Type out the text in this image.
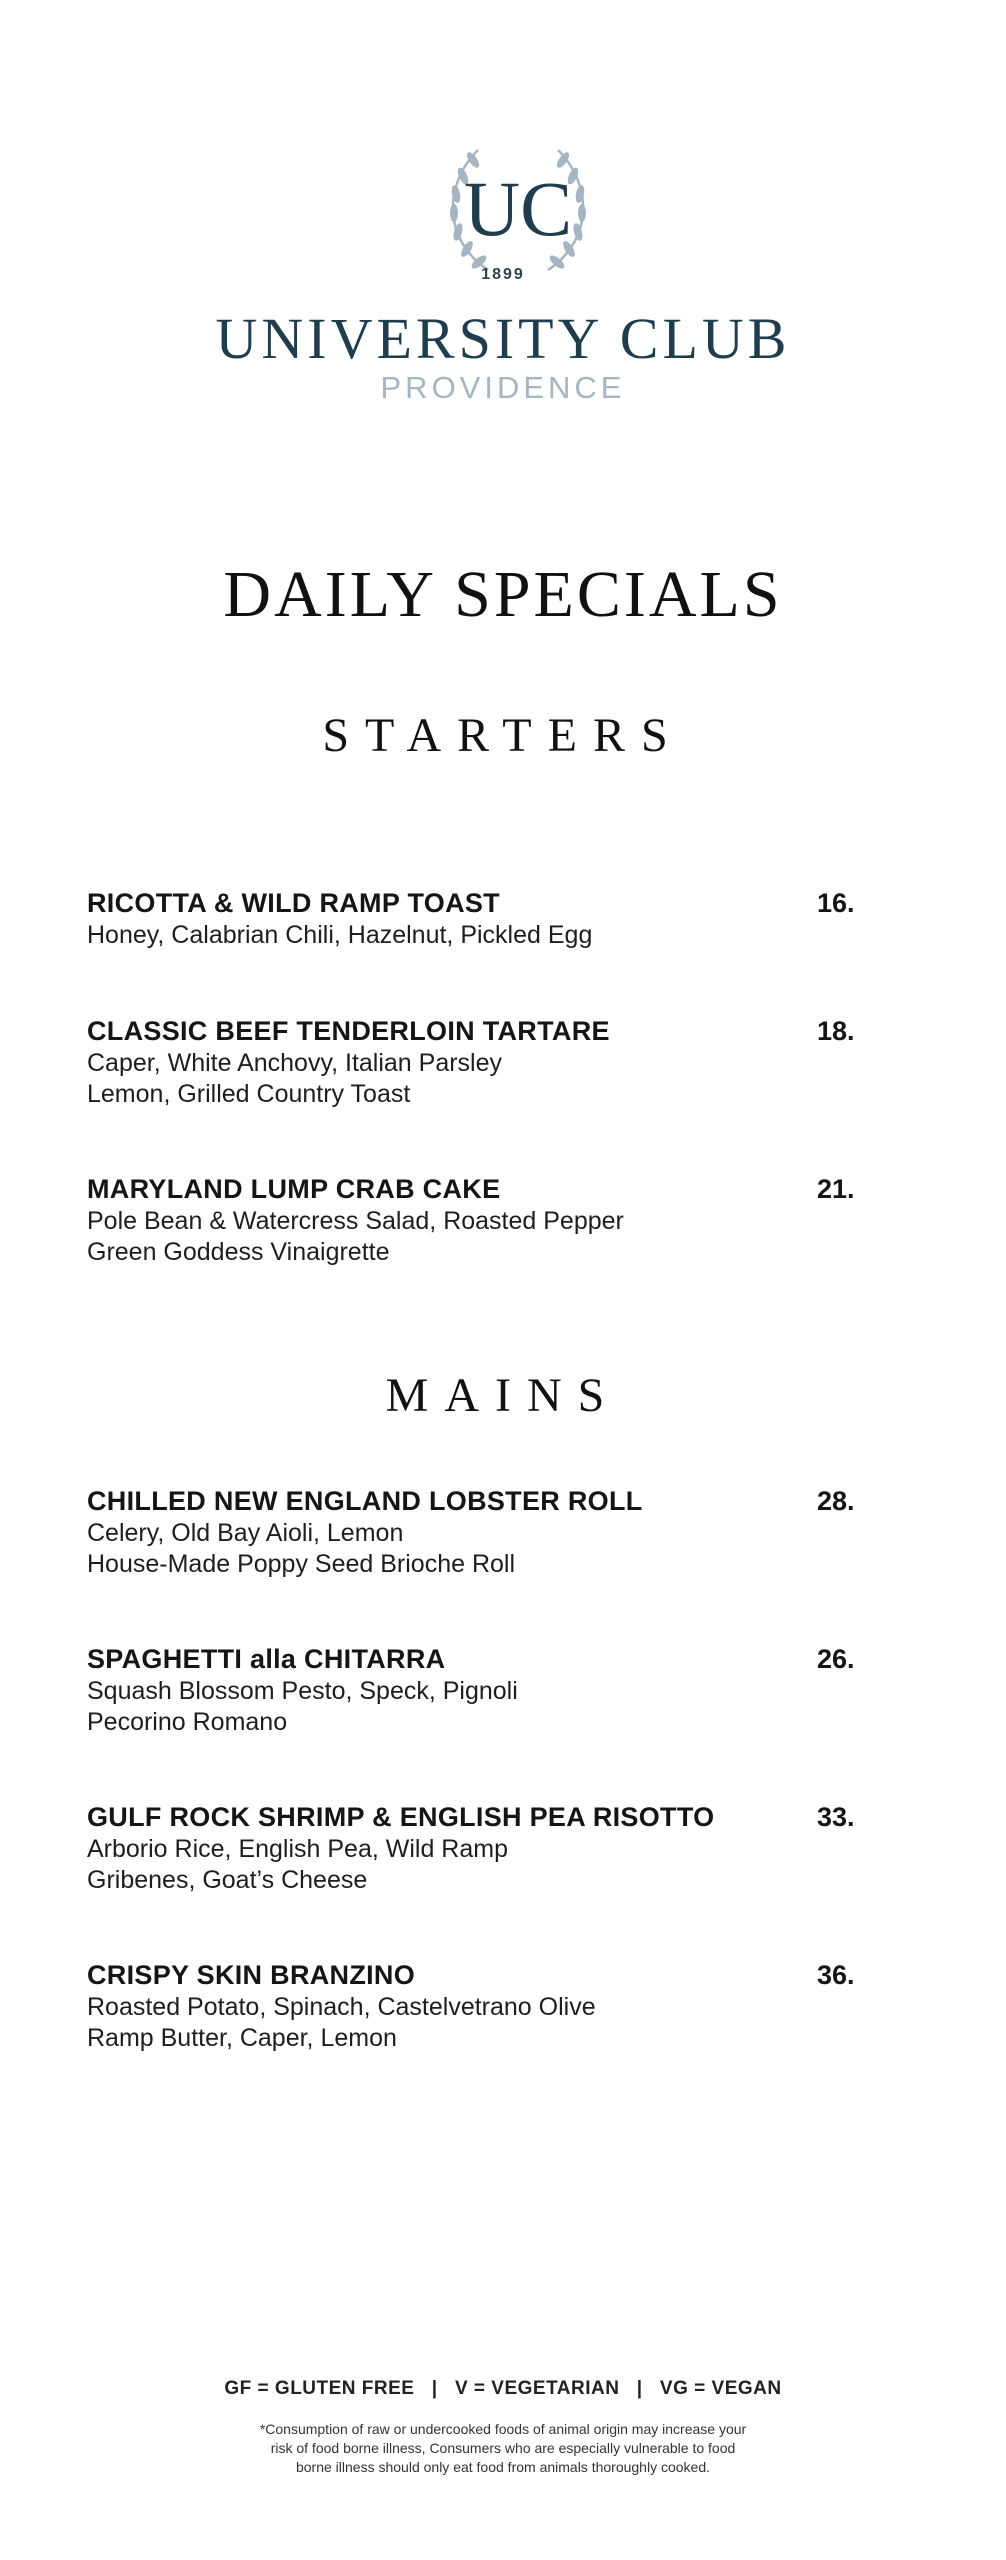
UC
1899
UNIVERSITY CLUB
PROVIDENCE
DAILY SPECIALS
STARTERS
RICOTTA & WILD RAMP TOAST	16.
Honey, Calabrian Chili, Hazelnut, Pickled Egg
CLASSIC BEEF TENDERLOIN TARTARE	18.
Caper, White Anchovy, Italian Parsley
Lemon, Grilled Country Toast
MARYLAND LUMP CRAB CAKE	21.
Pole Bean & Watercress Salad, Roasted Pepper
Green Goddess Vinaigrette
MAINS
CHILLED NEW ENGLAND LOBSTER ROLL	28.
Celery, Old Bay Aioli, Lemon
House-Made Poppy Seed Brioche Roll
SPAGHETTI alla CHITARRA	26.
Squash Blossom Pesto, Speck, Pignoli
Pecorino Romano
GULF ROCK SHRIMP & ENGLISH PEA RISOTTO	33.
Arborio Rice, English Pea, Wild Ramp
Gribenes, Goat’s Cheese
CRISPY SKIN BRANZINO	36.
Roasted Potato, Spinach, Castelvetrano Olive
Ramp Butter, Caper, Lemon
GF = GLUTEN FREE   |   V = VEGETARIAN   |   VG = VEGAN
*Consumption of raw or undercooked foods of animal origin may increase your
risk of food borne illness, Consumers who are especially vulnerable to food
borne illness should only eat food from animals thoroughly cooked.
